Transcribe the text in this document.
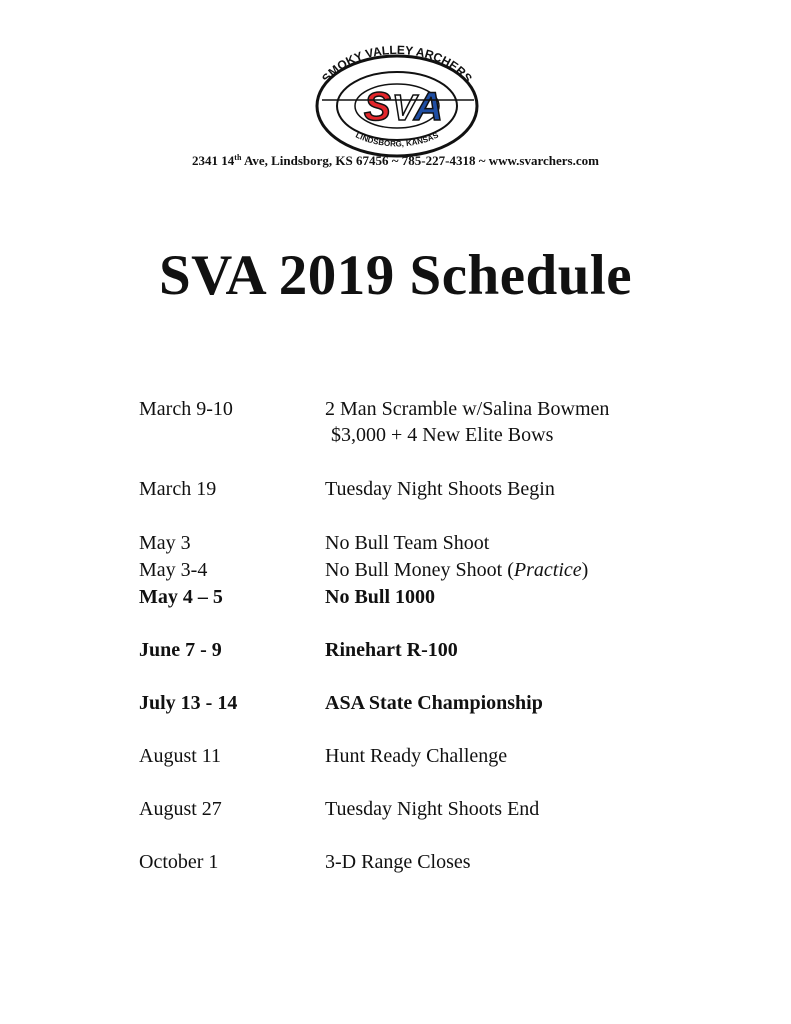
SMOKY VALLEY ARCHERS
S V
A
LINDSBORG, KANSAS
2341 14th Ave, Lindsborg, KS 67456 ~ 785-227-4318 ~ www.svarchers.com
SVA 2019 Schedule
March 9-10	2 Man Scramble w/Salina Bowmen
$3,000 + 4 New Elite Bows
March 19	Tuesday Night Shoots Begin
May 3	No Bull Team Shoot
May 3-4	No Bull Money Shoot (Practice)
May 4 – 5	No Bull 1000
June 7 - 9	Rinehart R-100
July 13 - 14	ASA State Championship
August 11	Hunt Ready Challenge
August 27	Tuesday Night Shoots End
October 1	3-D Range Closes
